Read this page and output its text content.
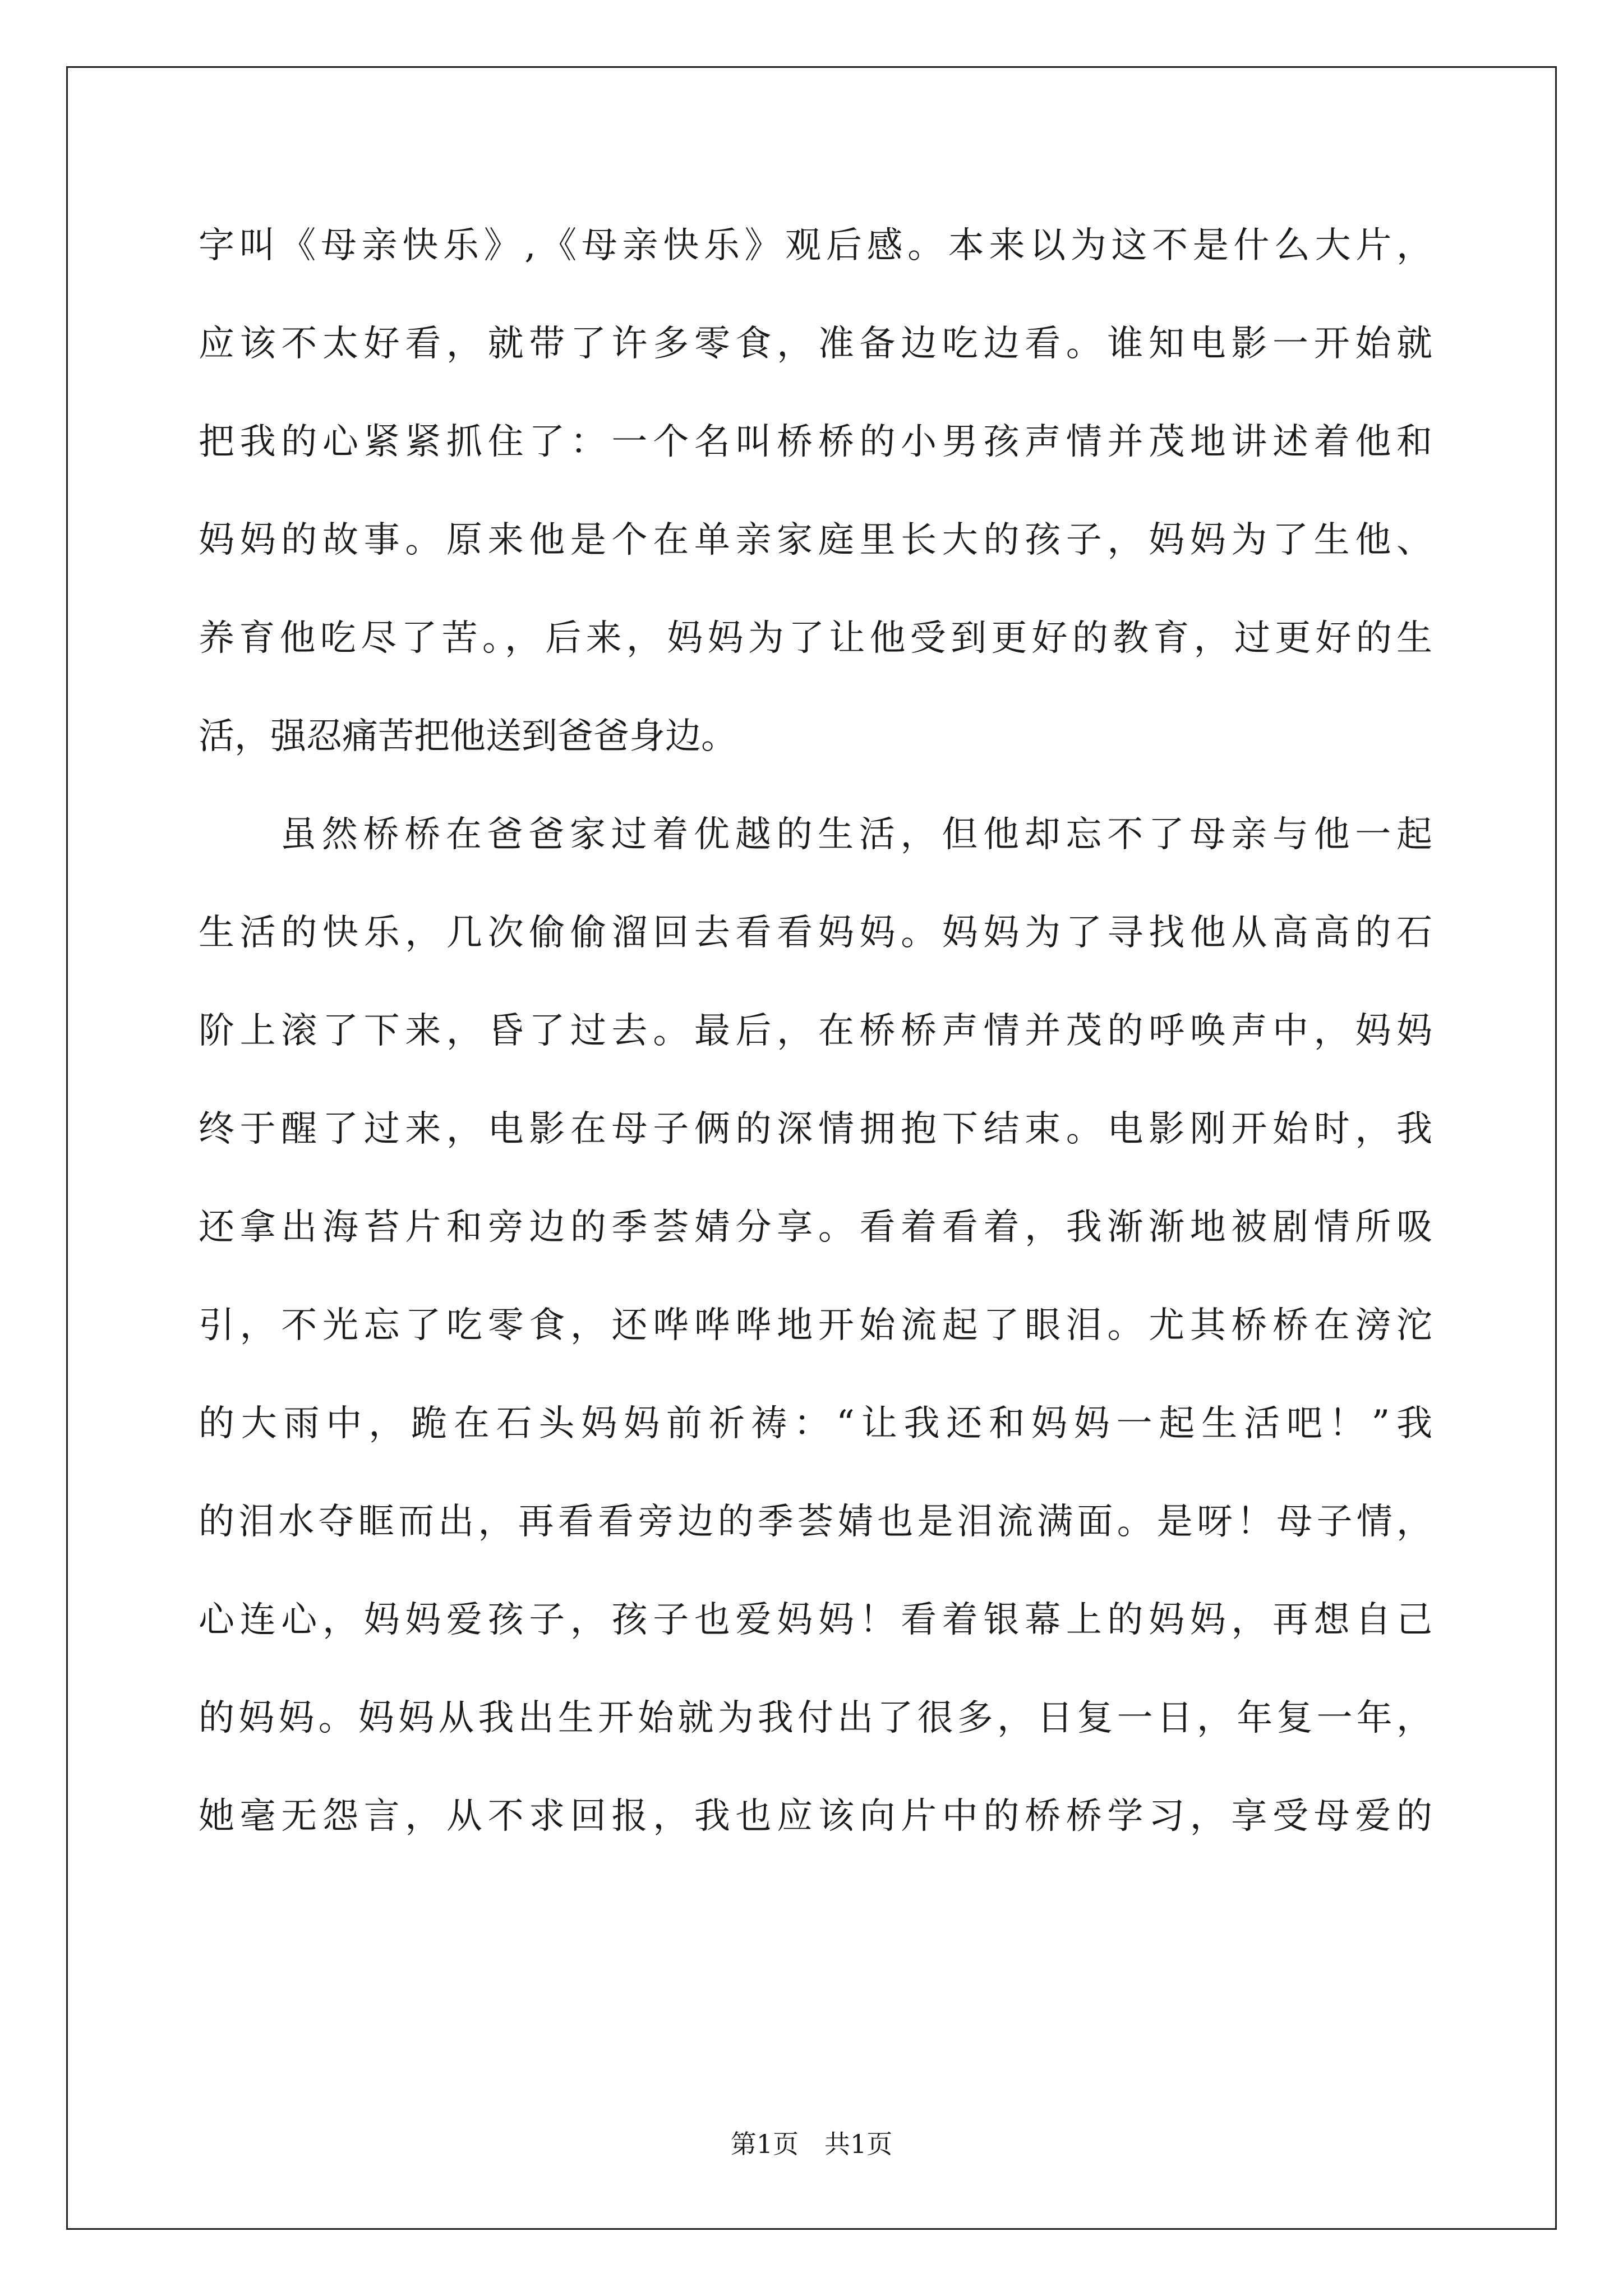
字叫《母亲快乐》,《母亲快乐》观后感。本来以为这不是什么大片，
应该不太好看，就带了许多零食，准备边吃边看。谁知电影一开始就
把我的心紧紧抓住了：一个名叫桥桥的小男孩声情并茂地讲述着他和
妈妈的故事。原来他是个在单亲家庭里长大的孩子，妈妈为了生他、
养育他吃尽了苦。，后来，妈妈为了让他受到更好的教育，过更好的生
活，强忍痛苦把他送到爸爸身边。
虽然桥桥在爸爸家过着优越的生活，但他却忘不了母亲与他一起
生活的快乐，几次偷偷溜回去看看妈妈。妈妈为了寻找他从高高的石
阶上滚了下来，昏了过去。最后，在桥桥声情并茂的呼唤声中，妈妈
终于醒了过来，电影在母子俩的深情拥抱下结束。电影刚开始时，我
还拿出海苔片和旁边的季荟婧分享。看着看着，我渐渐地被剧情所吸
引，不光忘了吃零食，还哗哗哗地开始流起了眼泪。尤其桥桥在滂沱
的大雨中，跪在石头妈妈前祈祷：“让我还和妈妈一起生活吧！”我
的泪水夺眶而出，再看看旁边的季荟婧也是泪流满面。是呀！母子情，
心连心，妈妈爱孩子，孩子也爱妈妈！看着银幕上的妈妈，再想自己
的妈妈。妈妈从我出生开始就为我付出了很多，日复一日，年复一年，
她毫无怨言，从不求回报，我也应该向片中的桥桥学习，享受母爱的
第1页　共1页
